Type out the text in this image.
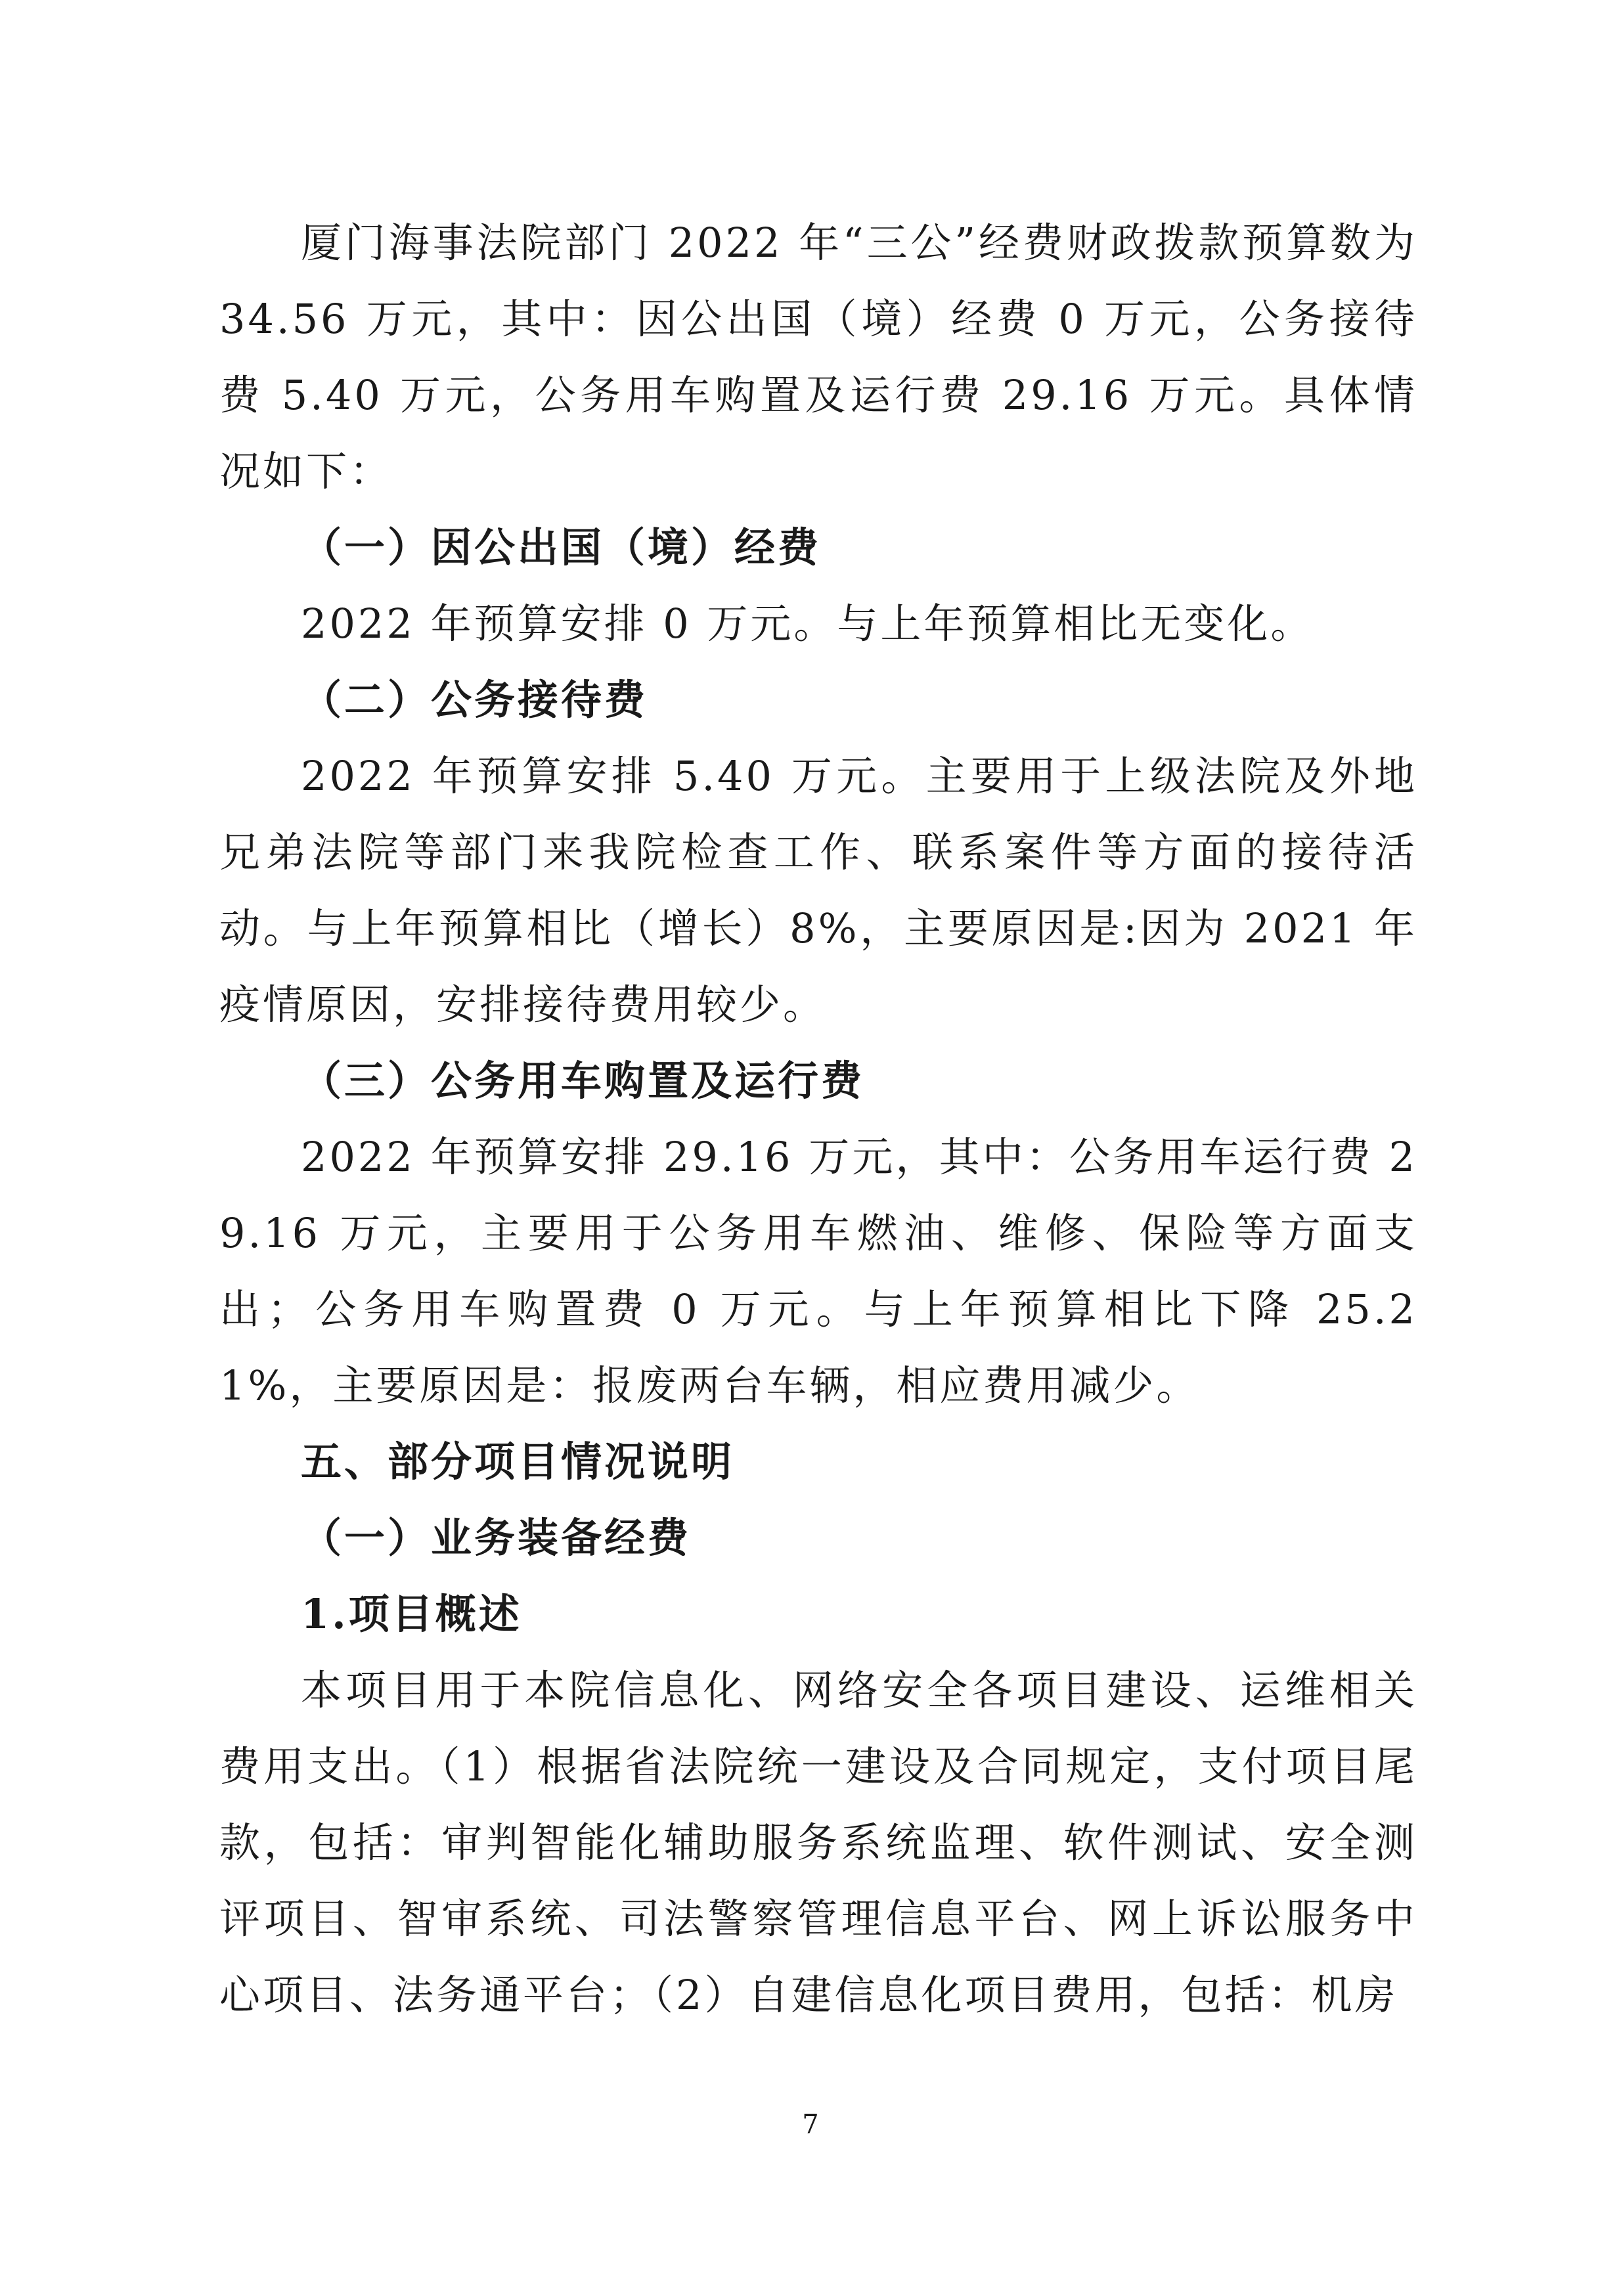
厦门海事法院部门 2022 年“三公”经费财政拨款预算数为 34.56 万元，其中：因公出国（境）经费 0 万元，公务接待费 5.40 万元，公务用车购置及运行费 29.16 万元。具体情况如下：

（一）因公出国（境）经费

2022 年预算安排 0 万元。与上年预算相比无变化。

（二）公务接待费

2022 年预算安排 5.40 万元。主要用于上级法院及外地兄弟法院等部门来我院检查工作、联系案件等方面的接待活动。与上年预算相比（增长）8%，主要原因是:因为 2021 年疫情原因，安排接待费用较少。

（三）公务用车购置及运行费

2022 年预算安排 29.16 万元，其中：公务用车运行费 29.16 万元，主要用于公务用车燃油、维修、保险等方面支出；公务用车购置费 0 万元。与上年预算相比下降 25.21%，主要原因是：报废两台车辆，相应费用减少。

五、部分项目情况说明

（一）业务装备经费

1.项目概述

本项目用于本院信息化、网络安全各项目建设、运维相关费用支出。（1）根据省法院统一建设及合同规定，支付项目尾款，包括：审判智能化辅助服务系统监理、软件测试、安全测评项目、智审系统、司法警察管理信息平台、网上诉讼服务中心项目、法务通平台；（2）自建信息化项目费用，包括：机房

7
